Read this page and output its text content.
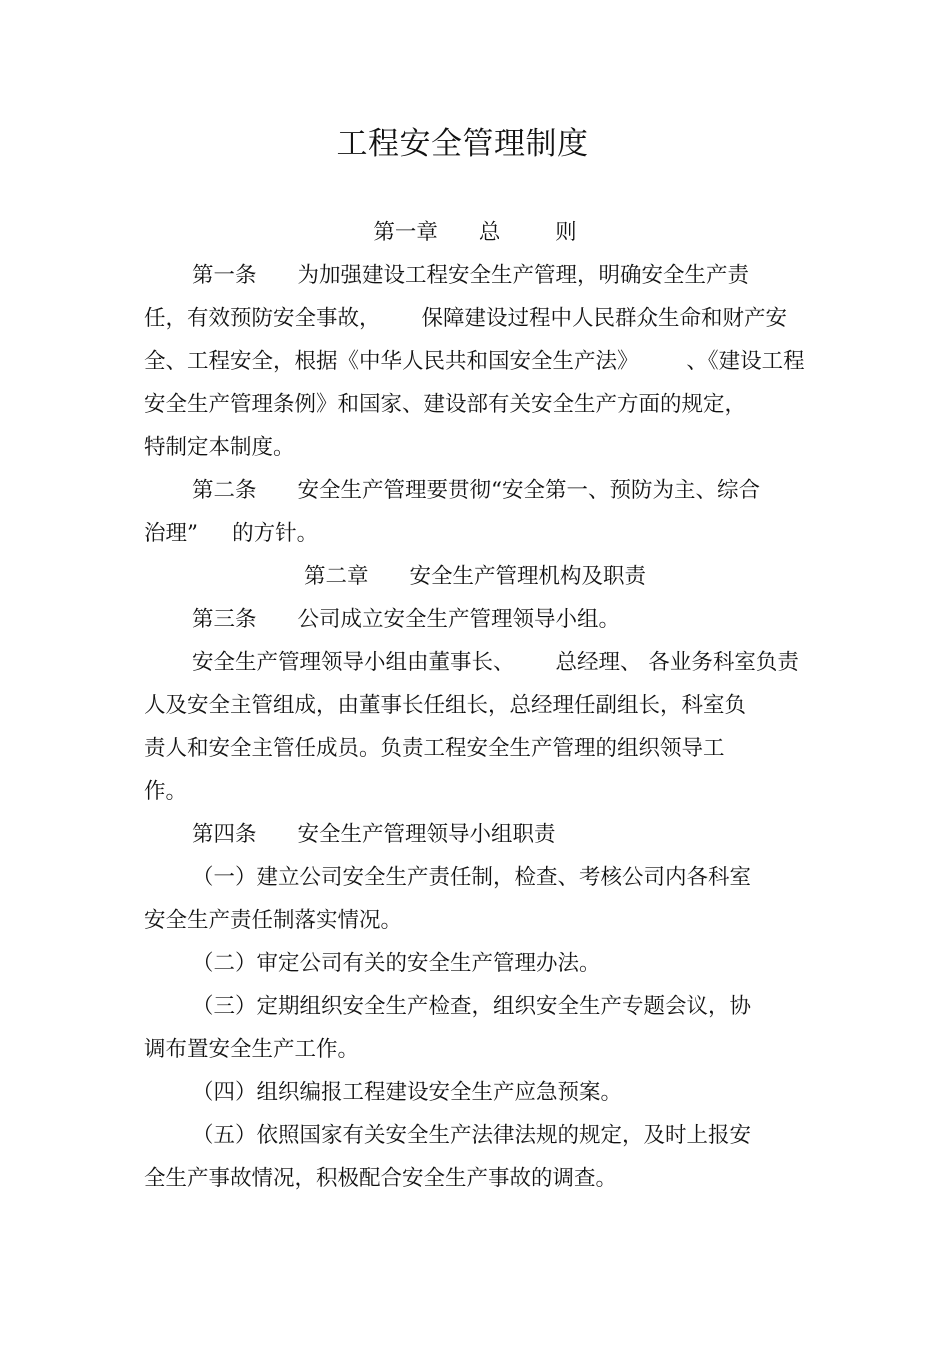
工程安全管理制度
第一章      总        则
第一条      为加强建设工程安全生产管理，明确安全生产责
任，有效预防安全事故，      保障建设过程中人民群众生命和财产安
全、工程安全，根据《中华人民共和国安全生产法》       、《建设工程
安全生产管理条例》和国家、建设部有关安全生产方面的规定，
特制定本制度。
第二条      安全生产管理要贯彻“安全第一、预防为主、综合
治理”     的方针。
第二章      安全生产管理机构及职责
第三条      公司成立安全生产管理领导小组。
安全生产管理领导小组由董事长、      总经理、 各业务科室负责
人及安全主管组成，由董事长任组长，总经理任副组长，科室负
责人和安全主管任成员。负责工程安全生产管理的组织领导工
作。
第四条      安全生产管理领导小组职责
（一）建立公司安全生产责任制，检查、考核公司内各科室
安全生产责任制落实情况。
（二）审定公司有关的安全生产管理办法。
（三）定期组织安全生产检查，组织安全生产专题会议，协
调布置安全生产工作。
（四）组织编报工程建设安全生产应急预案。
（五）依照国家有关安全生产法律法规的规定，及时上报安
全生产事故情况，积极配合安全生产事故的调查。
